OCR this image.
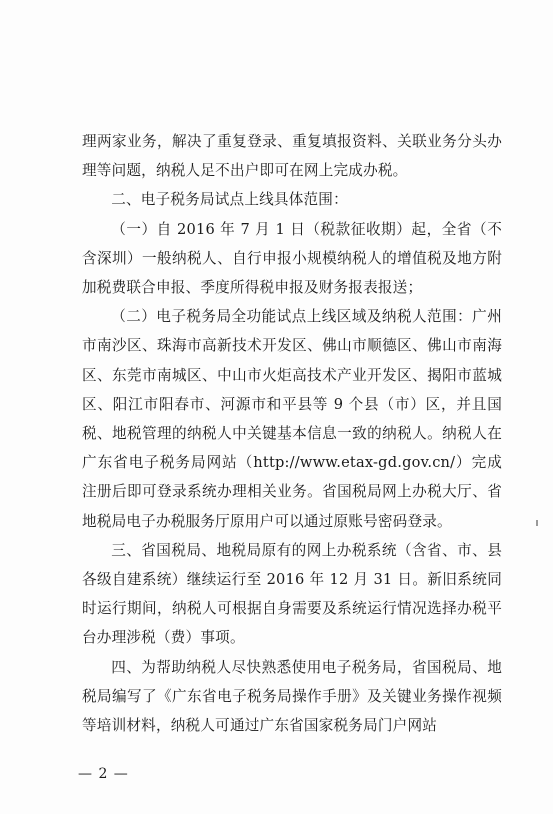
理两家业务，解决了重复登录、重复填报资料、关联业务分头办理等问题，纳税人足不出户即可在网上完成办税。

二、电子税务局试点上线具体范围：

（一）自 2016 年 7 月 1 日（税款征收期）起，全省（不含深圳）一般纳税人、自行申报小规模纳税人的增值税及地方附加税费联合申报、季度所得税申报及财务报表报送；

（二）电子税务局全功能试点上线区域及纳税人范围：广州市南沙区、珠海市高新技术开发区、佛山市顺德区、佛山市南海区、东莞市南城区、中山市火炬高技术产业开发区、揭阳市蓝城区、阳江市阳春市、河源市和平县等 9 个县（市）区，并且国税、地税管理的纳税人中关键基本信息一致的纳税人。纳税人在广东省电子税务局网站（http://www.etax-gd.gov.cn/）完成注册后即可登录系统办理相关业务。省国税局网上办税大厅、省地税局电子办税服务厅原用户可以通过原账号密码登录。

三、省国税局、地税局原有的网上办税系统（含省、市、县各级自建系统）继续运行至 2016 年 12 月 31 日。新旧系统同时运行期间，纳税人可根据自身需要及系统运行情况选择办税平台办理涉税（费）事项。

四、为帮助纳税人尽快熟悉使用电子税务局，省国税局、地税局编写了《广东省电子税务局操作手册》及关键业务操作视频等培训材料，纳税人可通过广东省国家税务局门户网站

— 2 —
